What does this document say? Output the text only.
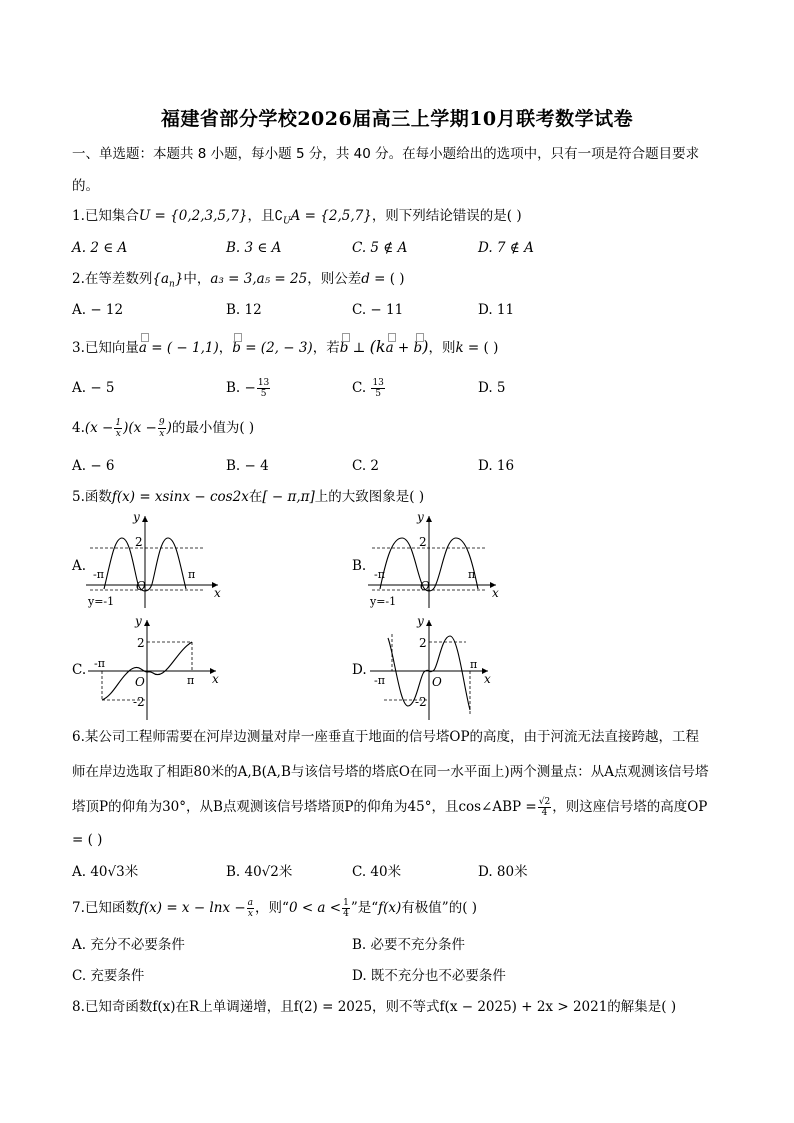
福建省部分学校2026届高三上学期10月联考数学试卷
一、单选题：本题共 8 小题，每小题 5 分，共 40 分。在每小题给出的选项中，只有一项是符合题目要求
的。
1.已知集合U = {0,2,3,5,7}，且$∁_UA = \{2,5,7\}$，则下列结论错误的是( )
A. 2 ∈ A	B. 3 ∈ A	C. 5 ∉ A	D. 7 ∉ A
2.在等差数列$\{a_n\}$中，a₃ = 3,a₅ = 25，则公差d = ( )
A. − 12	B. 12	C. − 11	D. 11
3.已知向量a = ( − 1,1)，b = (2, − 3)，若b ⊥ (ka + b)，则k = ( )
A. − 5	B. − $\frac{13}{5}$	C. $\frac{13}{5}$	D. 5
$4.(x - \frac{1}{x} )(x - \frac{9}{x}$ )的最小值为( )
A. − 6	B. − 4	C. 2	D. 16
5.函数f(x) = xsinx − cos2x在[ − π,π]上的大致图象是( )
A.
y
x
2
-π	π
O
y=-1
B.
y
x
2
-π	π
O
y=-1
C.
y
x
2
-2
-π
π
O
D.
y
x
2
-2
-π
π
O
6.某公司工程师需要在河岸边测量对岸一座垂直于地面的信号塔OP的高度，由于河流无法直接跨越，工程
师在岸边选取了相距80米的A,B(A,B与该信号塔的塔底O在同一水平面上)两个测量点：从A点观测该信号塔
塔顶P的仰角为30°，从B点观测该信号塔塔顶P的仰角为45°，且cos∠ABP = $\frac{√2}{4}$ ，则这座信号塔的高度OP
= ( )
A. 40√3米	B. 40√2米	C. 40米	D. 80米
7.已知函数$f(x) = x - \ln x - \frac{a}{x}$ ，则“$0 < a < \frac{1}{4}$ ”是“f(x)有极值”的( )
A. 充分不必要条件	B. 必要不充分条件
C. 充要条件	D. 既不充分也不必要条件
8.已知奇函数f(x)在R上单调递增，且f(2) = 2025，则不等式f(x − 2025) + 2x > 2021的解集是( )
